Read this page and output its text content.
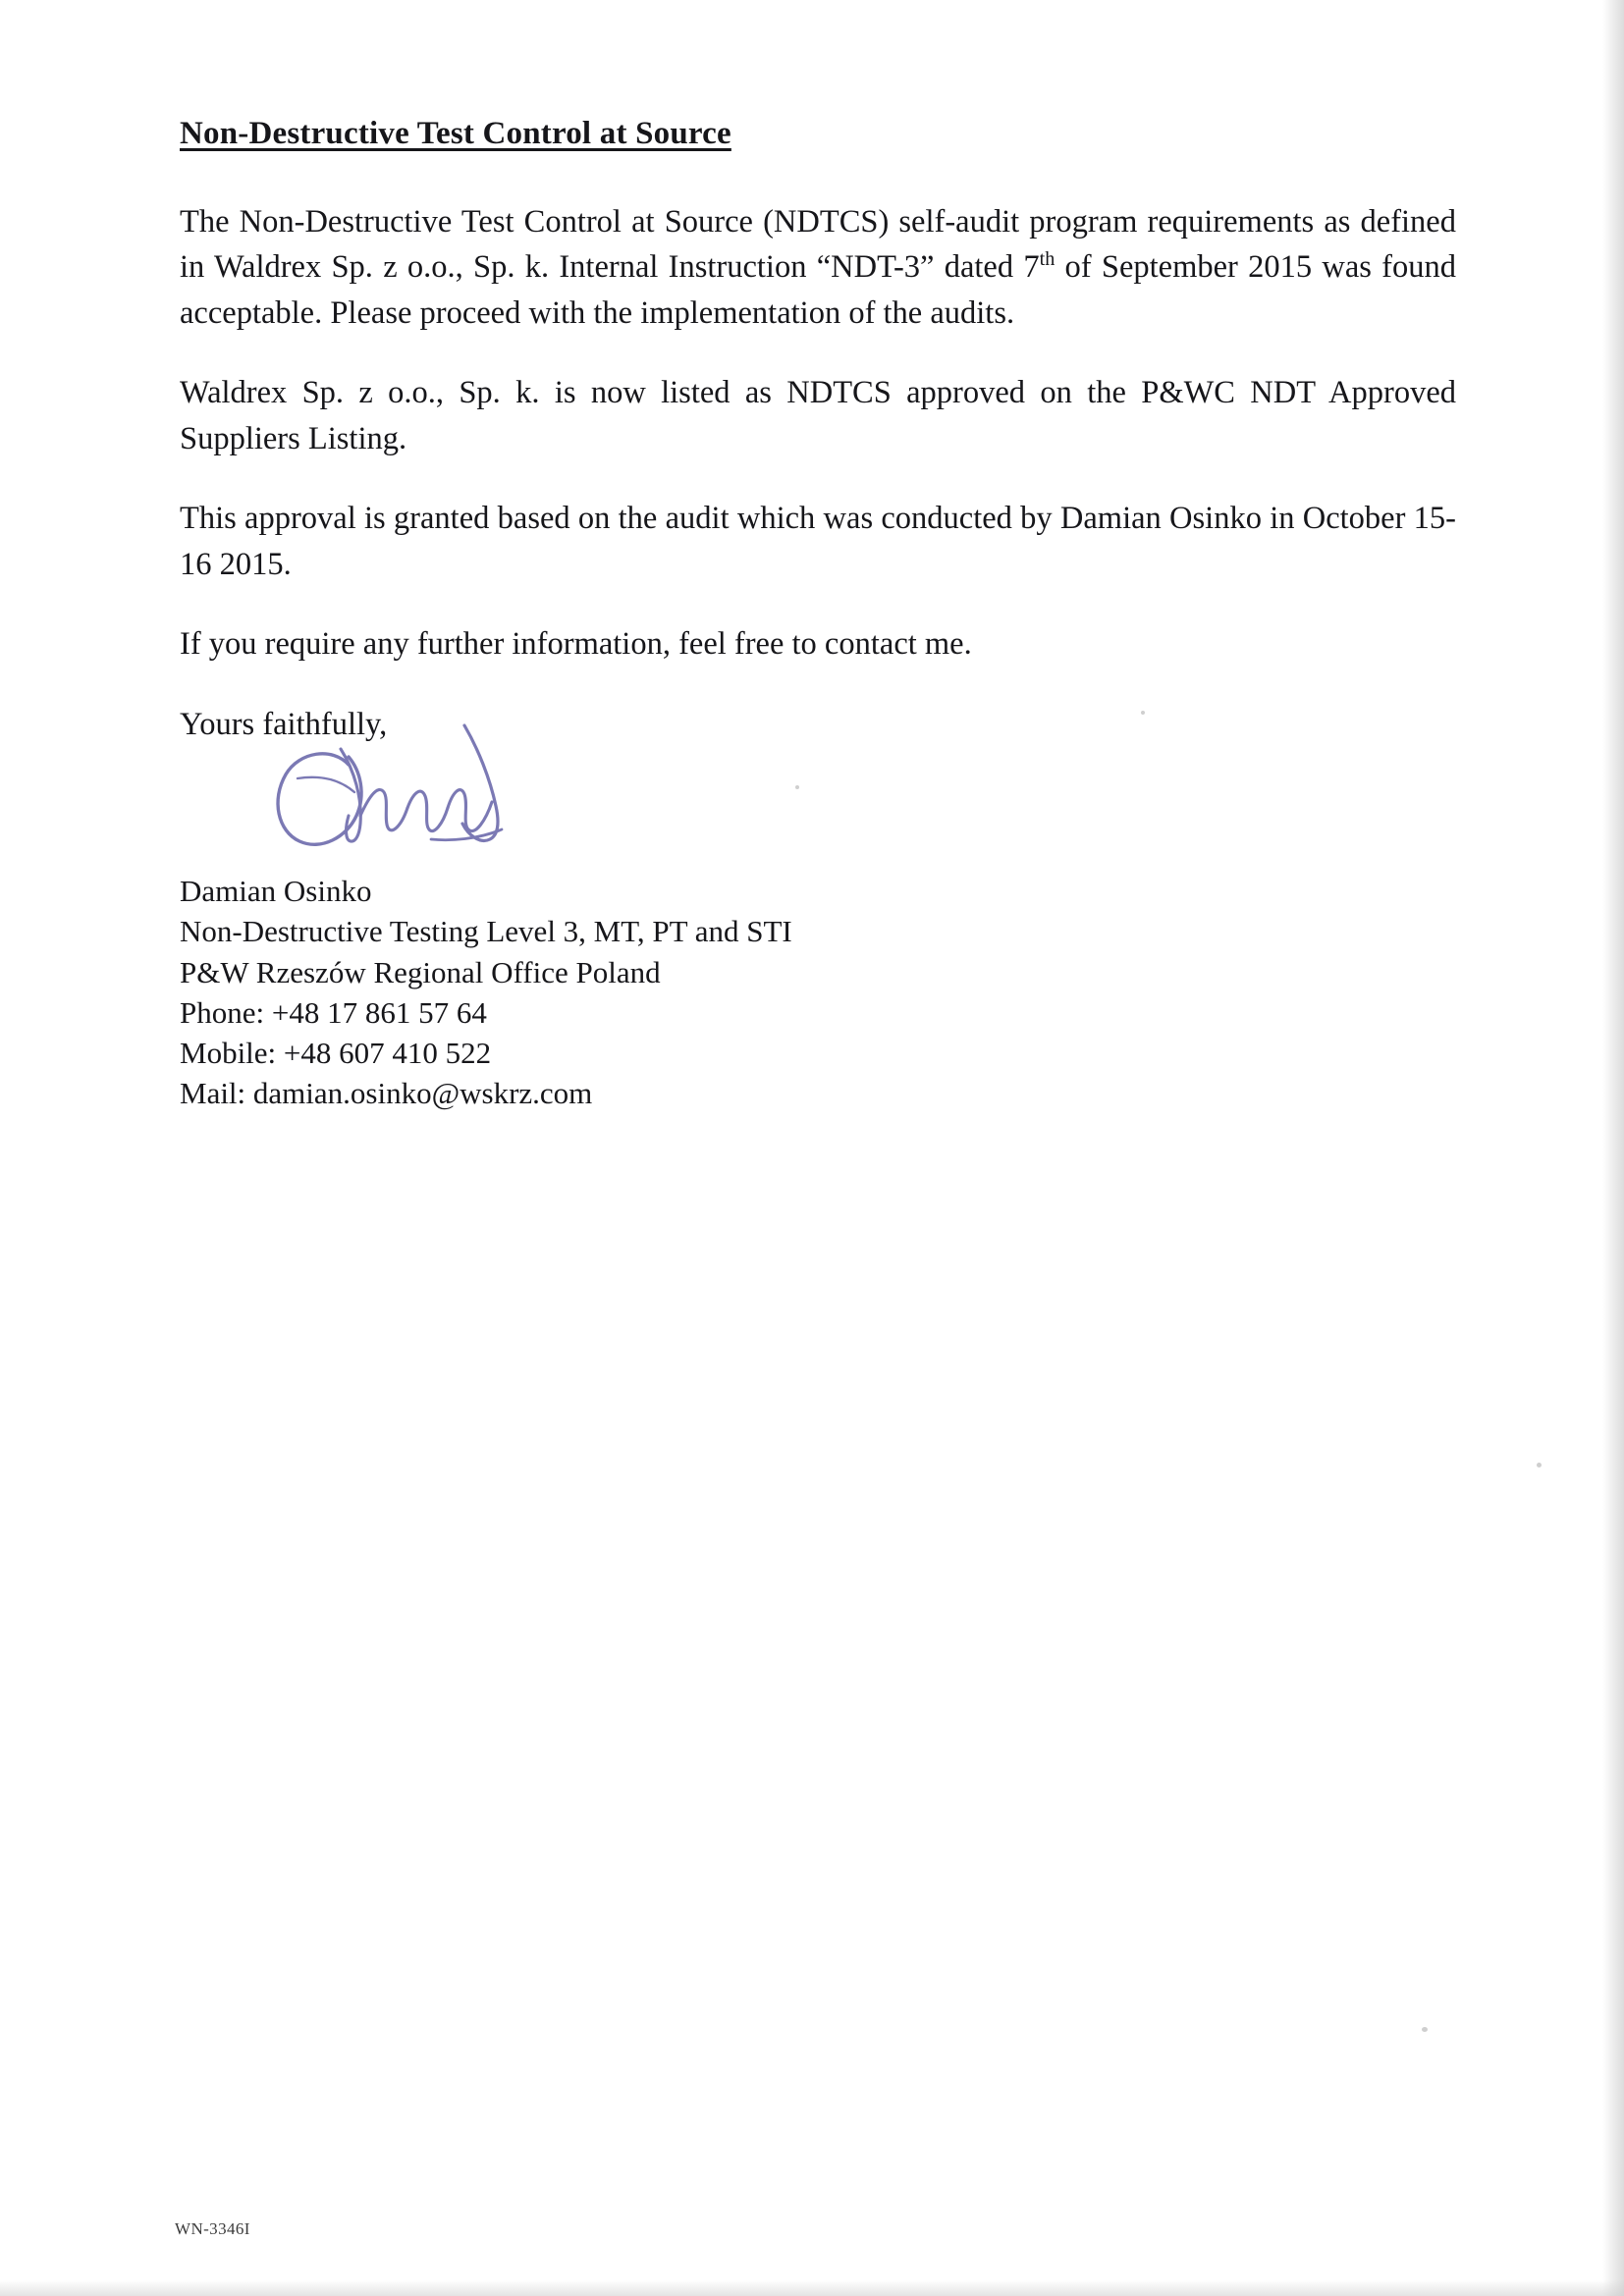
Non-Destructive Test Control at Source

The Non-Destructive Test Control at Source (NDTCS) self-audit program requirements as defined in Waldrex Sp. z o.o., Sp. k. Internal Instruction “NDT-3” dated 7th of September 2015 was found acceptable. Please proceed with the implementation of the audits.

Waldrex Sp. z o.o., Sp. k. is now listed as NDTCS approved on the P&WC NDT Approved Suppliers Listing.

This approval is granted based on the audit which was conducted by Damian Osinko in October 15-16 2015.

If you require any further information, feel free to contact me.

Yours faithfully,

Damian Osinko
Non-Destructive Testing Level 3, MT, PT and STI
P&W Rzeszów Regional Office Poland
Phone: +48 17 861 57 64
Mobile: +48 607 410 522
Mail: damian.osinko@wskrz.com
WN-3346I
